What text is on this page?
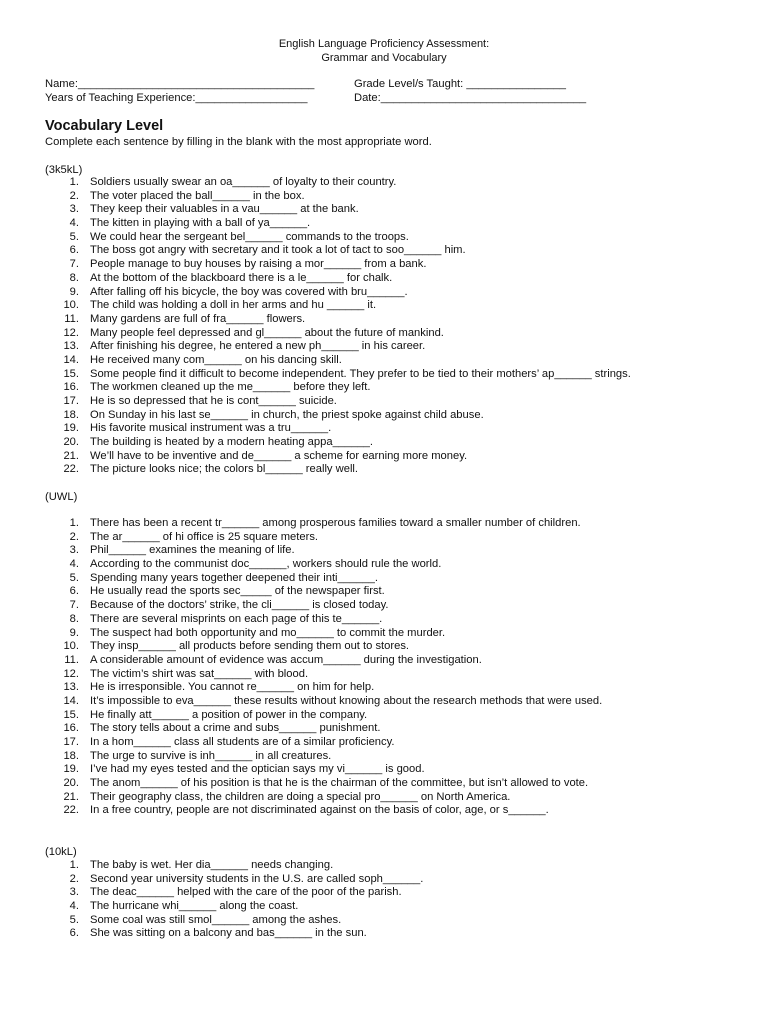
English Language Proficiency Assessment:
Grammar and Vocabulary
Name:______________________________________	Grade Level/s Taught: ________________
Years of Teaching Experience:__________________	Date:_________________________________
Vocabulary Level
Complete each sentence by filling in the blank with the most appropriate word.
(3k5kL)
1. Soldiers usually swear an oa______ of loyalty to their country.
2. The voter placed the ball______ in the box.
3. They keep their valuables in a vau______ at the bank.
4. The kitten in playing with a ball of ya______.
5. We could hear the sergeant bel______ commands to the troops.
6. The boss got angry with secretary and it took a lot of tact to soo______ him.
7. People manage to buy houses by raising a mor______ from a bank.
8. At the bottom of the blackboard there is a le______ for chalk.
9. After falling off his bicycle, the boy was covered with bru______.
10. The child was holding a doll in her arms and hu ______ it.
11. Many gardens are full of fra______ flowers.
12. Many people feel depressed and gl______ about the future of mankind.
13. After finishing his degree, he entered a new ph______ in his career.
14. He received many com______ on his dancing skill.
15. Some people find it difficult to become independent. They prefer to be tied to their mothers’ ap______ strings.
16. The workmen cleaned up the me______ before they left.
17. He is so depressed that he is cont______ suicide.
18. On Sunday in his last se______ in church, the priest spoke against child abuse.
19. His favorite musical instrument was a tru______.
20. The building is heated by a modern heating appa______.
21. We’ll have to be inventive and de______ a scheme for earning more money.
22. The picture looks nice; the colors bl______ really well.
(UWL)
1. There has been a recent tr______ among prosperous families toward a smaller number of children.
2. The ar______ of hi office is 25 square meters.
3. Phil______ examines the meaning of life.
4. According to the communist doc______, workers should rule the world.
5. Spending many years together deepened their inti______.
6. He usually read the sports sec_____ of the newspaper first.
7. Because of the doctors’ strike, the cli______ is closed today.
8. There are several misprints on each page of this te______.
9. The suspect had both opportunity and mo______ to commit the murder.
10. They insp______ all products before sending them out to stores.
11. A considerable amount of evidence was accum______ during the investigation.
12. The victim’s shirt was sat______ with blood.
13. He is irresponsible. You cannot re______ on him for help.
14. It’s impossible to eva______ these results without knowing about the research methods that were used.
15. He finally att______ a position of power in the company.
16. The story tells about a crime and subs______ punishment.
17. In a hom______ class all students are of a similar proficiency.
18. The urge to survive is inh______ in all creatures.
19. I’ve had my eyes tested and the optician says my vi______ is good.
20. The anom______ of his position is that he is the chairman of the committee, but isn’t allowed to vote.
21. Their geography class, the children are doing a special pro______ on North America.
22. In a free country, people are not discriminated against on the basis of color, age, or s______.
(10kL)
1. The baby is wet. Her dia______ needs changing.
2. Second year university students in the U.S. are called soph______.
3. The deac______ helped with the care of the poor of the parish.
4. The hurricane whi______ along the coast.
5. Some coal was still smol______ among the ashes.
6. She was sitting on a balcony and bas______ in the sun.
